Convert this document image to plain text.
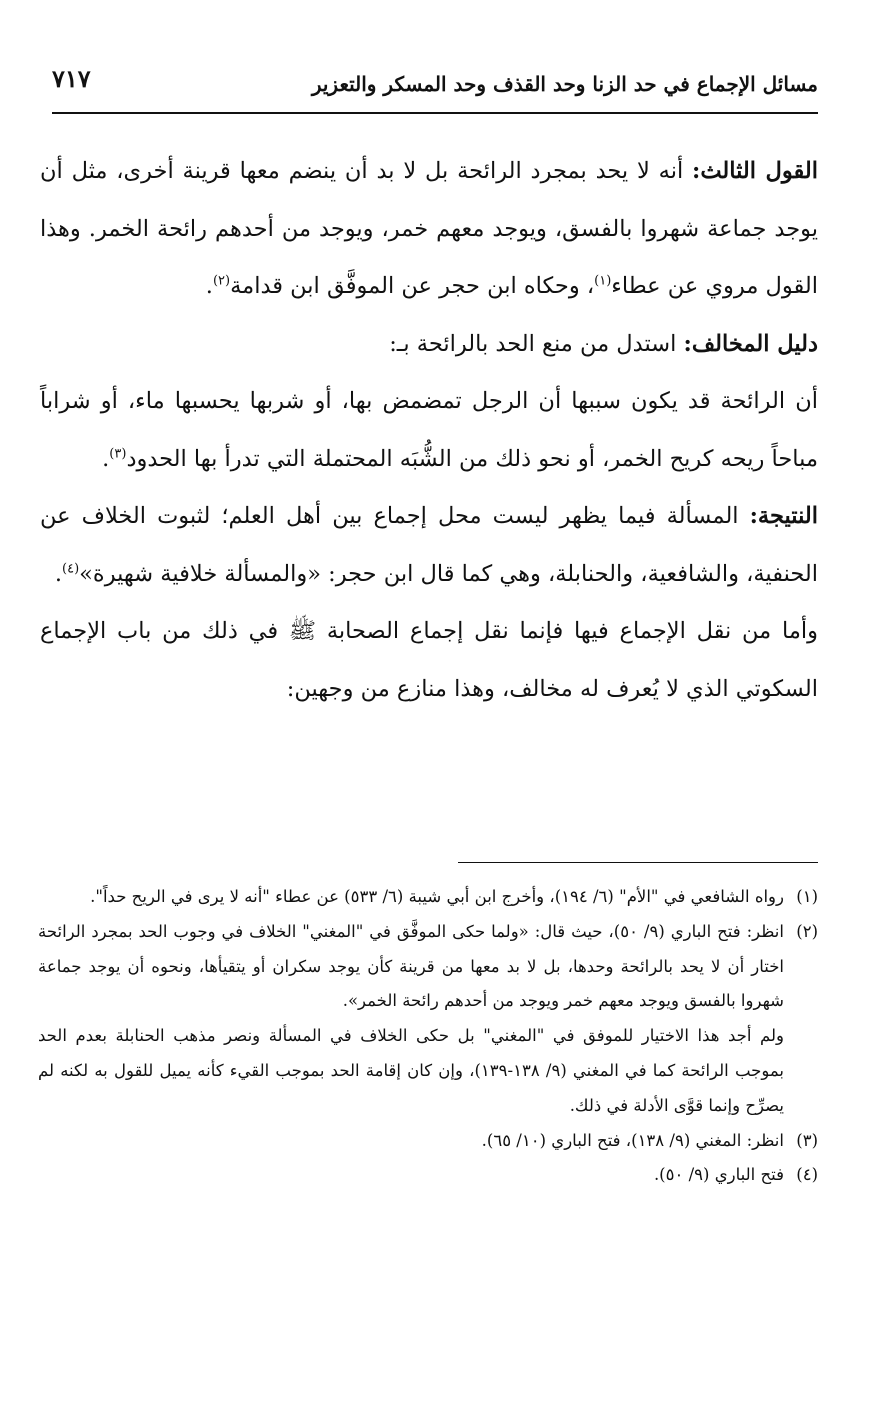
٧١٧	مسائل الإجماع في حد الزنا وحد القذف وحد المسكر والتعزير

القول الثالث: أنه لا يحد بمجرد الرائحة بل لا بد أن ينضم معها قرينة أخرى، مثل أن يوجد جماعة شهروا بالفسق، ويوجد معهم خمر، ويوجد من أحدهم رائحة الخمر. وهذا القول مروي عن عطاء$^{(١)}$، وحكاه ابن حجر عن الموفَّق ابن قدامة$^{(٢)}$.

دليل المخالف: استدل من منع الحد بالرائحة بـ:

أن الرائحة قد يكون سببها أن الرجل تمضمض بها، أو شربها يحسبها ماء، أو شراباً مباحاً ريحه كريح الخمر، أو نحو ذلك من الشُّبَه المحتملة التي تدرأ بها الحدود$^{(٣)}$.

النتيجة: المسألة فيما يظهر ليست محل إجماع بين أهل العلم؛ لثبوت الخلاف عن الحنفية، والشافعية، والحنابلة، وهي كما قال ابن حجر: «والمسألة خلافية شهيرة»$^{(٤)}$.

وأما من نقل الإجماع فيها فإنما نقل إجماع الصحابة ﷺ في ذلك من باب الإجماع السكوتي الذي لا يُعرف له مخالف، وهذا منازع من وجهين:

(١)
رواه الشافعي في "الأم" (٦/ ١٩٤)، وأخرج ابن أبي شيبة (٦/ ٥٣٣) عن عطاء "أنه لا يرى في الريح حداً".
(٢)
انظر: فتح الباري (٩/ ٥٠)، حيث قال: «ولما حكى الموفَّق في "المغني" الخلاف في وجوب الحد بمجرد الرائحة اختار أن لا يحد بالرائحة وحدها، بل لا بد معها من قرينة كأن يوجد سكران أو يتقيأها، ونحوه أن يوجد جماعة شهروا بالفسق ويوجد معهم خمر ويوجد من أحدهم رائحة الخمر».

ولم أجد هذا الاختيار للموفق في "المغني" بل حكى الخلاف في المسألة ونصر مذهب الحنابلة بعدم الحد بموجب الرائحة كما في المغني (٩/ ١٣٨-١٣٩)، وإن كان إقامة الحد بموجب القيء كأنه يميل للقول به لكنه لم يصرِّح وإنما قوَّى الأدلة في ذلك.

(٣)
انظر: المغني (٩/ ١٣٨)، فتح الباري (١٠/ ٦٥).
(٤)
فتح الباري (٩/ ٥٠).
